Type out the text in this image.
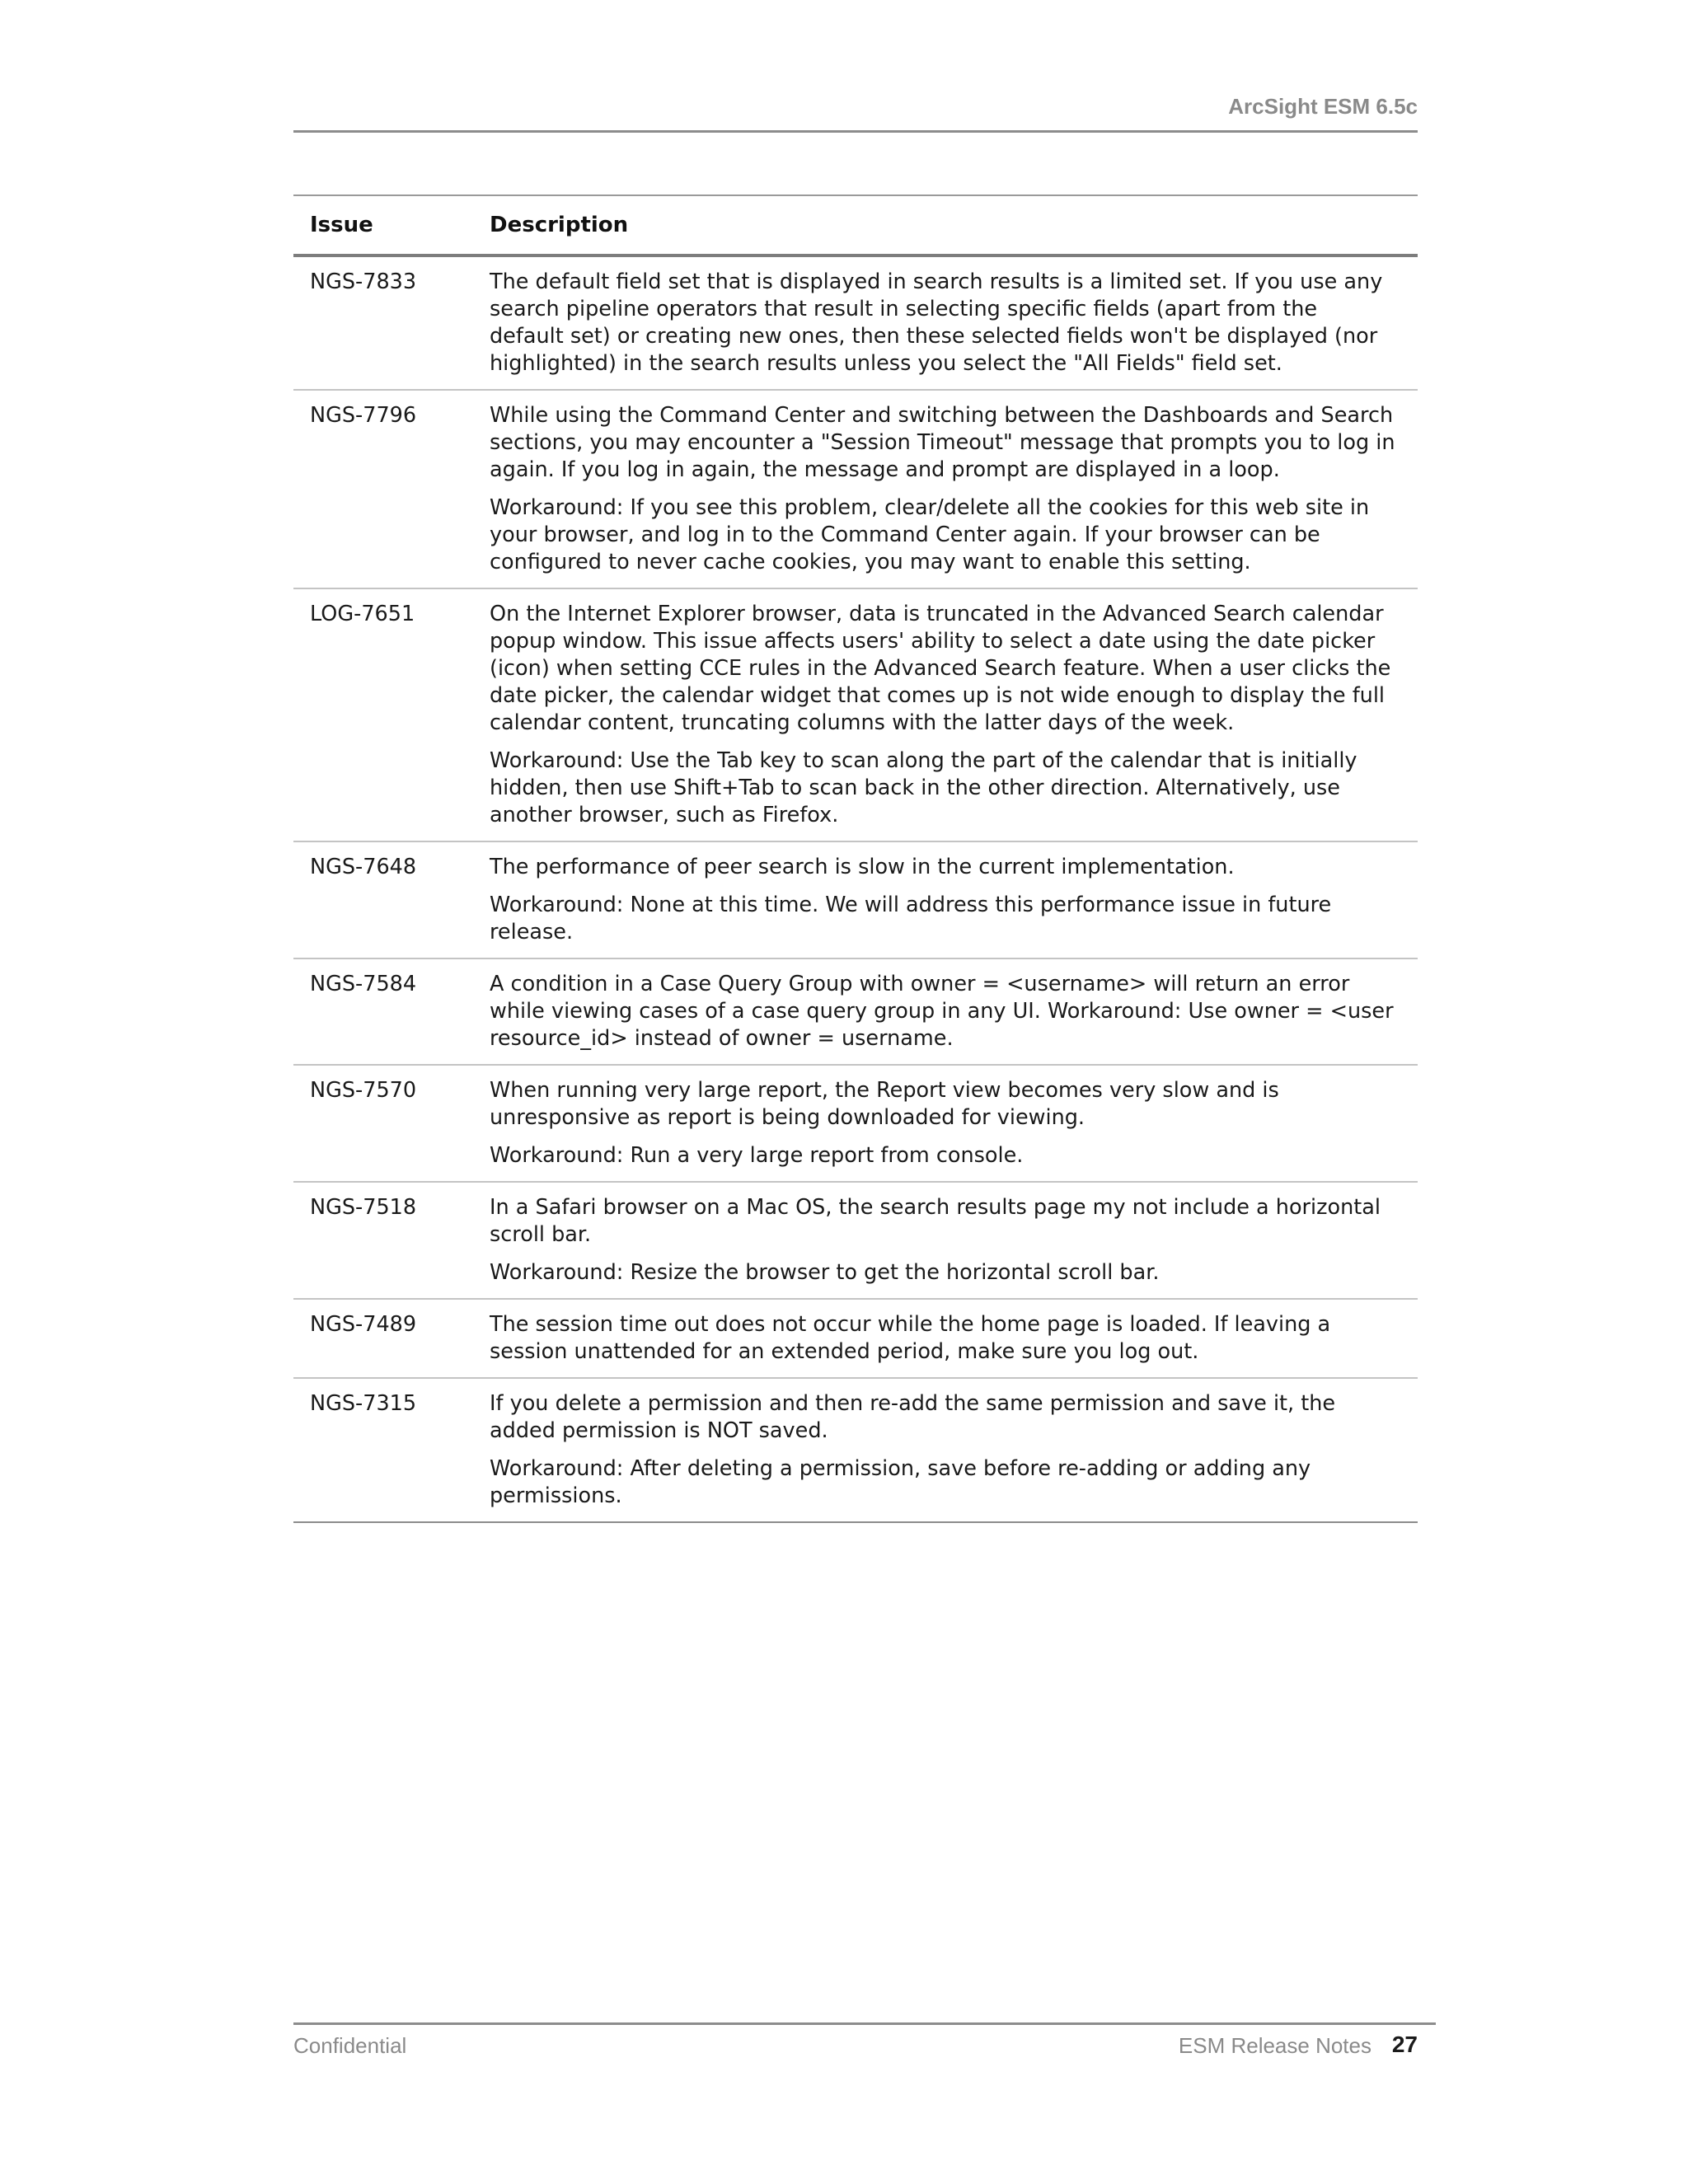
ArcSight ESM 6.5c
Issue	Description
NGS-7833	The default field set that is displayed in search results is a limited set. If you use any search pipeline operators that result in selecting specific fields (apart from the default set) or creating new ones, then these selected fields won't be displayed (nor highlighted) in the search results unless you select the "All Fields" field set.

NGS-7796	While using the Command Center and switching between the Dashboards and Search sections, you may encounter a "Session Timeout" message that prompts you to log in again. If you log in again, the message and prompt are displayed in a loop.

Workaround: If you see this problem, clear/delete all the cookies for this web site in your browser, and log in to the Command Center again. If your browser can be configured to never cache cookies, you may want to enable this setting.

LOG-7651	On the Internet Explorer browser, data is truncated in the Advanced Search calendar popup window. This issue affects users' ability to select a date using the date picker (icon) when setting CCE rules in the Advanced Search feature. When a user clicks the date picker, the calendar widget that comes up is not wide enough to display the full calendar content, truncating columns with the latter days of the week.

Workaround: Use the Tab key to scan along the part of the calendar that is initially hidden, then use Shift+Tab to scan back in the other direction. Alternatively, use another browser, such as Firefox.

NGS-7648	The performance of peer search is slow in the current implementation.

Workaround: None at this time. We will address this performance issue in future release.

NGS-7584	A condition in a Case Query Group with owner = <username> will return an error while viewing cases of a case query group in any UI. Workaround: Use owner = <user resource_id> instead of owner = username.

NGS-7570	When running very large report, the Report view becomes very slow and is unresponsive as report is being downloaded for viewing.

Workaround: Run a very large report from console.

NGS-7518	In a Safari browser on a Mac OS, the search results page my not include a horizontal scroll bar.

Workaround: Resize the browser to get the horizontal scroll bar.

NGS-7489	The session time out does not occur while the home page is loaded. If leaving a session unattended for an extended period, make sure you log out.

NGS-7315	If you delete a permission and then re-add the same permission and save it, the added permission is NOT saved.

Workaround: After deleting a permission, save before re-adding or adding any permissions.

Confidential	ESM Release Notes 27
